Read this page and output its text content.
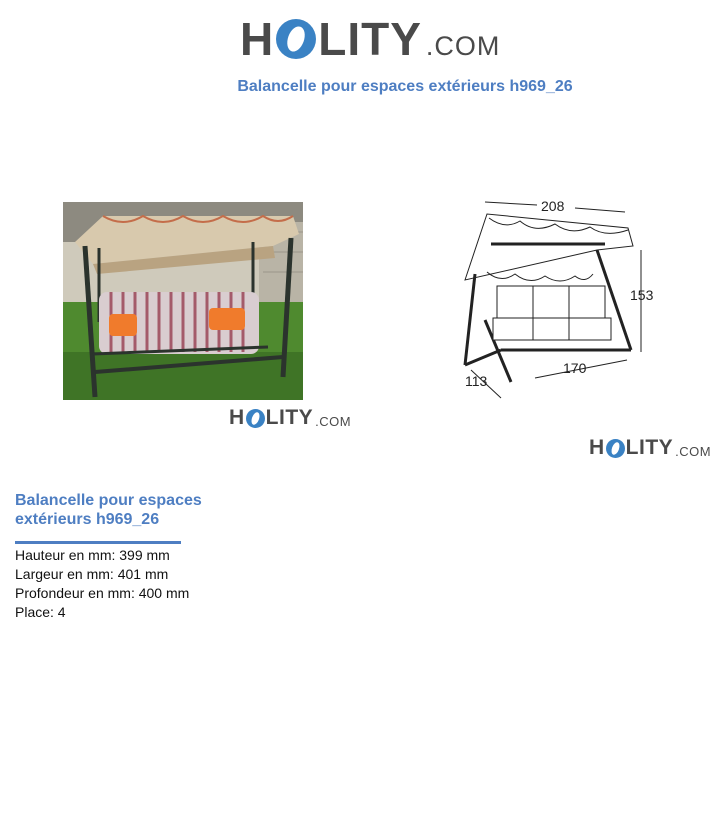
H LITY .COM
Balancelle pour espaces extérieurs h969_26
H LITY .COM
208
153
113
170
H LITY .COM
Balancelle pour espaces
extérieurs h969_26
Hauteur en mm: 399 mm
Largeur en mm: 401 mm
Profondeur en mm: 400 mm
Place: 4
